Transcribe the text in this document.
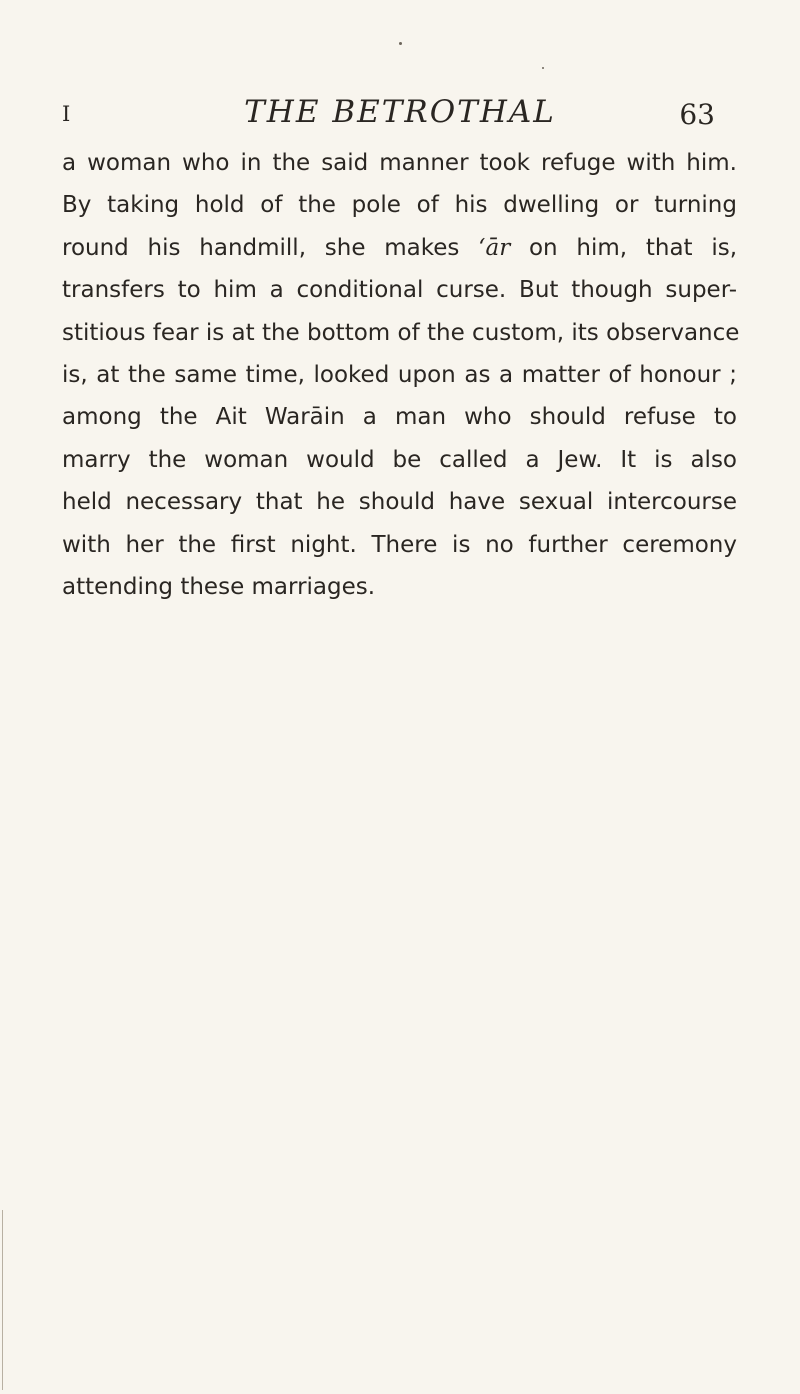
I	THE BETROTHAL	63
a woman who in the said manner took refuge with him.
By taking hold of the pole of his dwelling or turning
round his handmill, she makes ‘ār on him, that is,
transfers to him a conditional curse. But though super-
stitious fear is at the bottom of the custom, its observance
is, at the same time, looked upon as a matter of honour ;
among the Ait Warāin a man who should refuse to
marry the woman would be called a Jew. It is also
held necessary that he should have sexual intercourse
with her the first night. There is no further ceremony
attending these marriages.
